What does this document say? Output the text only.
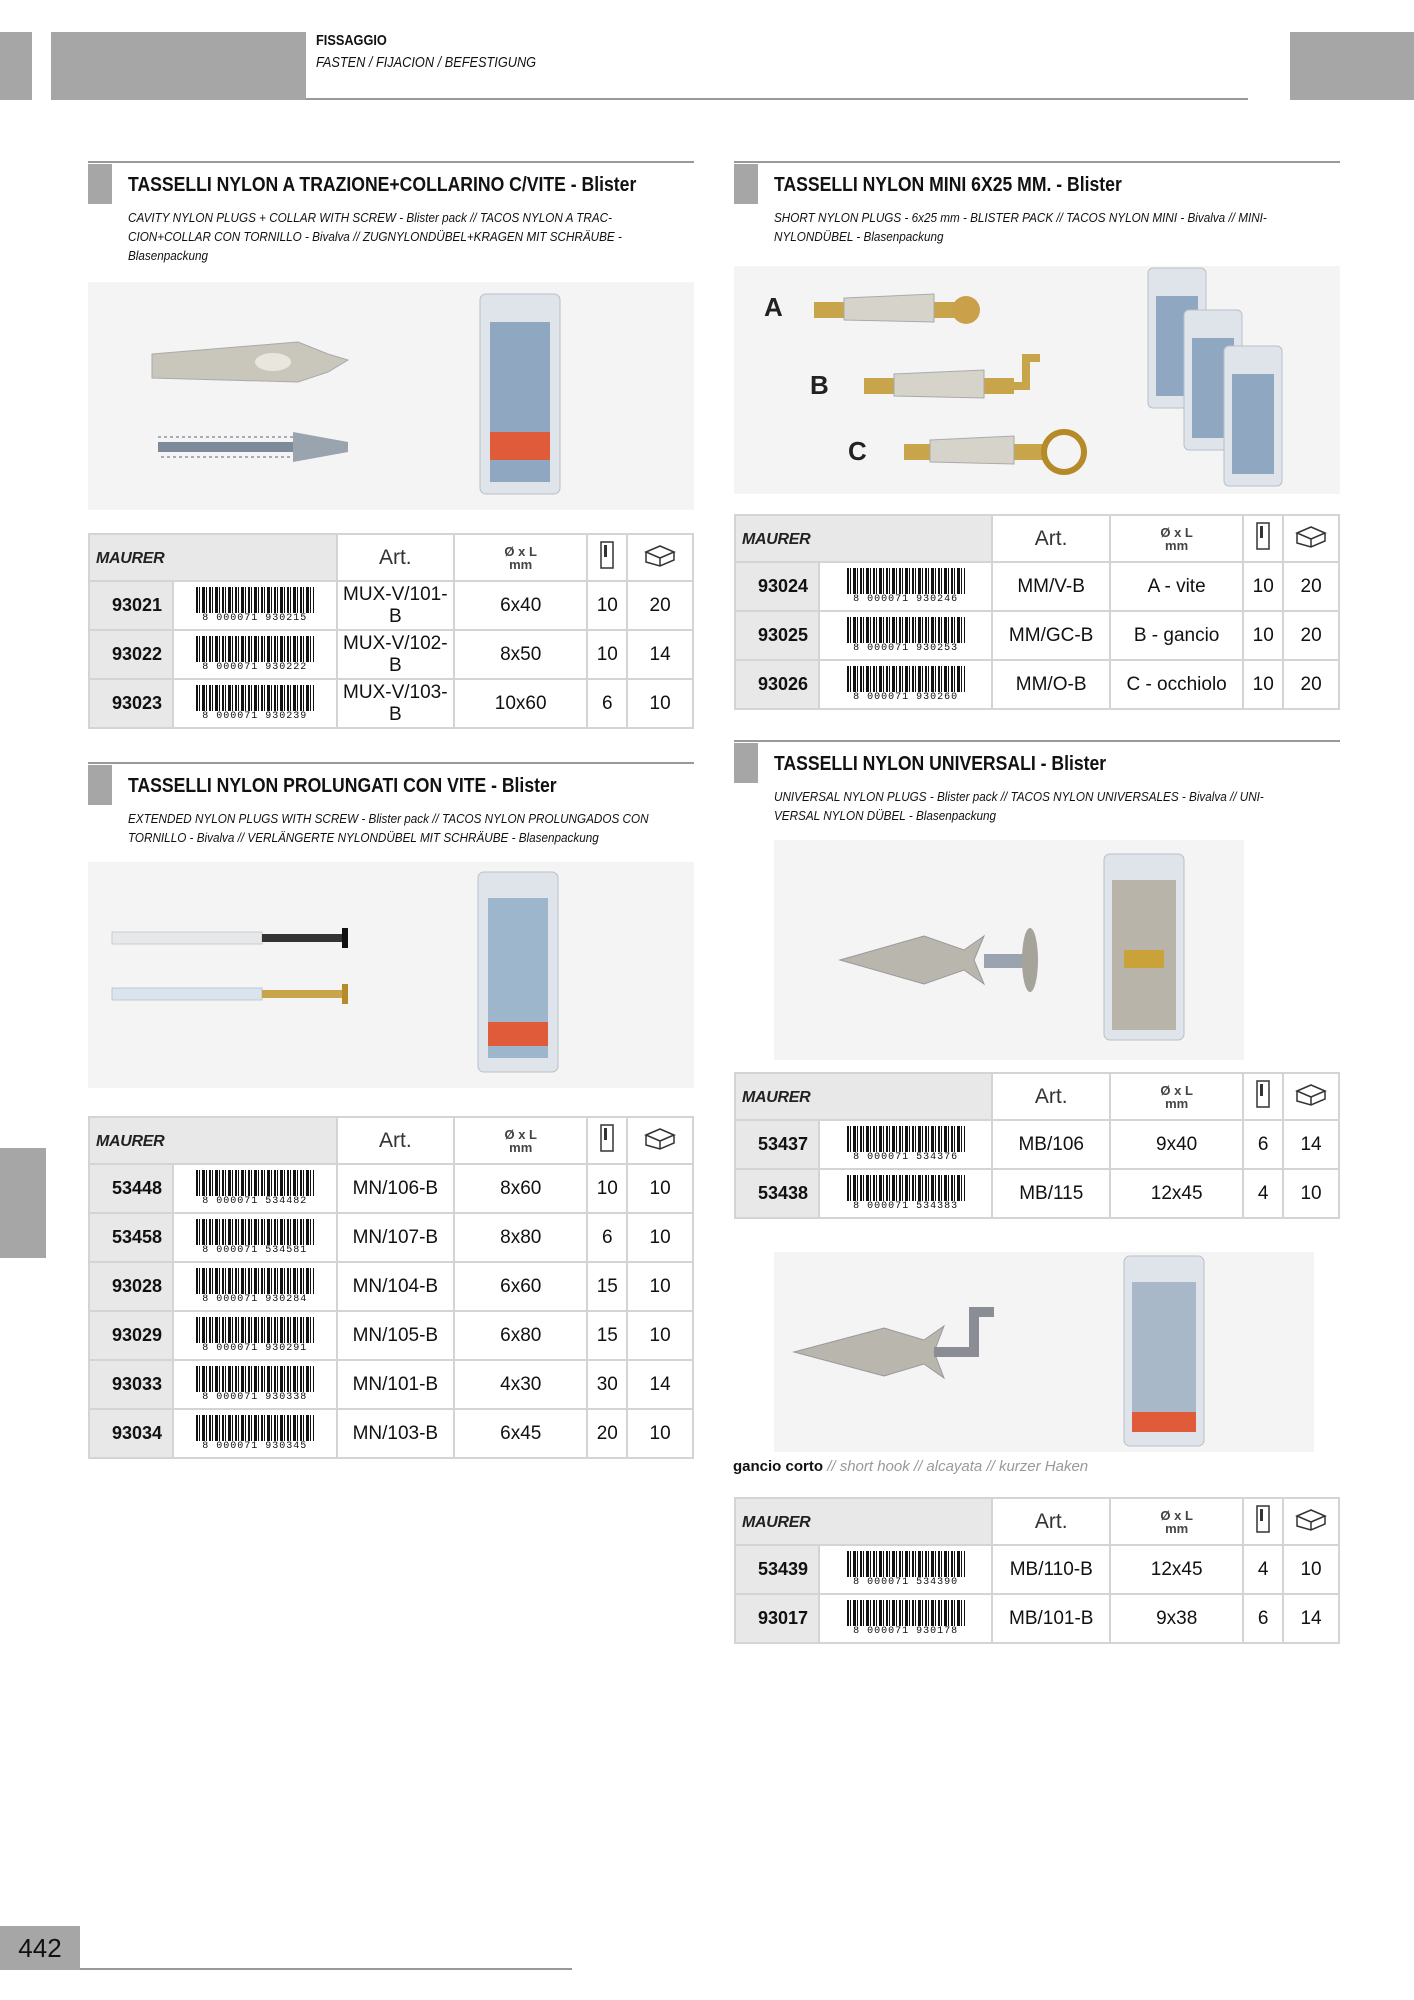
FISSAGGIO
FASTEN / FIJACION / BEFESTIGUNG
TASSELLI NYLON A TRAZIONE+COLLARINO C/VITE - Blister
CAVITY NYLON PLUGS + COLLAR WITH SCREW - Blister pack // TACOS NYLON A TRAC-CION+COLLAR CON TORNILLO - Bivalva // ZUGNYLONDÜBEL+KRAGEN MIT SCHRÄUBE - Blasenpackung
MAURER		Art.	Ø x L
mm

93021	8 000071 930215	MUX-V/101-B	6x40	10	20
93022	8 000071 930222	MUX-V/102-B	8x50	10	14
93023	8 000071 930239	MUX-V/103-B	10x60	6	10
TASSELLI NYLON PROLUNGATI CON VITE - Blister
EXTENDED NYLON PLUGS WITH SCREW - Blister pack // TACOS NYLON PROLUNGADOS CON TORNILLO - Bivalva // VERLÄNGERTE NYLONDÜBEL MIT SCHRÄUBE - Blasenpackung
MAURER		Art.	Ø x L
mm

53448	8 000071 534482	MN/106-B	8x60	10	10
53458	8 000071 534581	MN/107-B	8x80	6	10
93028	8 000071 930284	MN/104-B	6x60	15	10
93029	8 000071 930291	MN/105-B	6x80	15	10
93033	8 000071 930338	MN/101-B	4x30	30	14
93034	8 000071 930345	MN/103-B	6x45	20	10
TASSELLI NYLON MINI 6X25 MM. - Blister
SHORT NYLON PLUGS - 6x25 mm - BLISTER PACK // TACOS NYLON MINI - Bivalva // MINI-NYLONDÜBEL - Blasenpackung
A
B
C
MAURER		Art.	Ø x L
mm

93024	8 000071 930246	MM/V-B	A - vite	10	20
93025	8 000071 930253	MM/GC-B	B - gancio	10	20
93026	8 000071 930260	MM/O-B	C - occhiolo	10	20
TASSELLI NYLON UNIVERSALI - Blister
UNIVERSAL NYLON PLUGS - Blister pack // TACOS NYLON UNIVERSALES - Bivalva // UNI-VERSAL NYLON DÜBEL - Blasenpackung
MAURER		Art.	Ø x L
mm

53437	8 000071 534376	MB/106	9x40	6	14
53438	8 000071 534383	MB/115	12x45	4	10
gancio corto // short hook // alcayata // kurzer Haken
MAURER		Art.	Ø x L
mm

53439	8 000071 534390	MB/110-B	12x45	4	10
93017	8 000071 930178	MB/101-B	9x38	6	14
442
